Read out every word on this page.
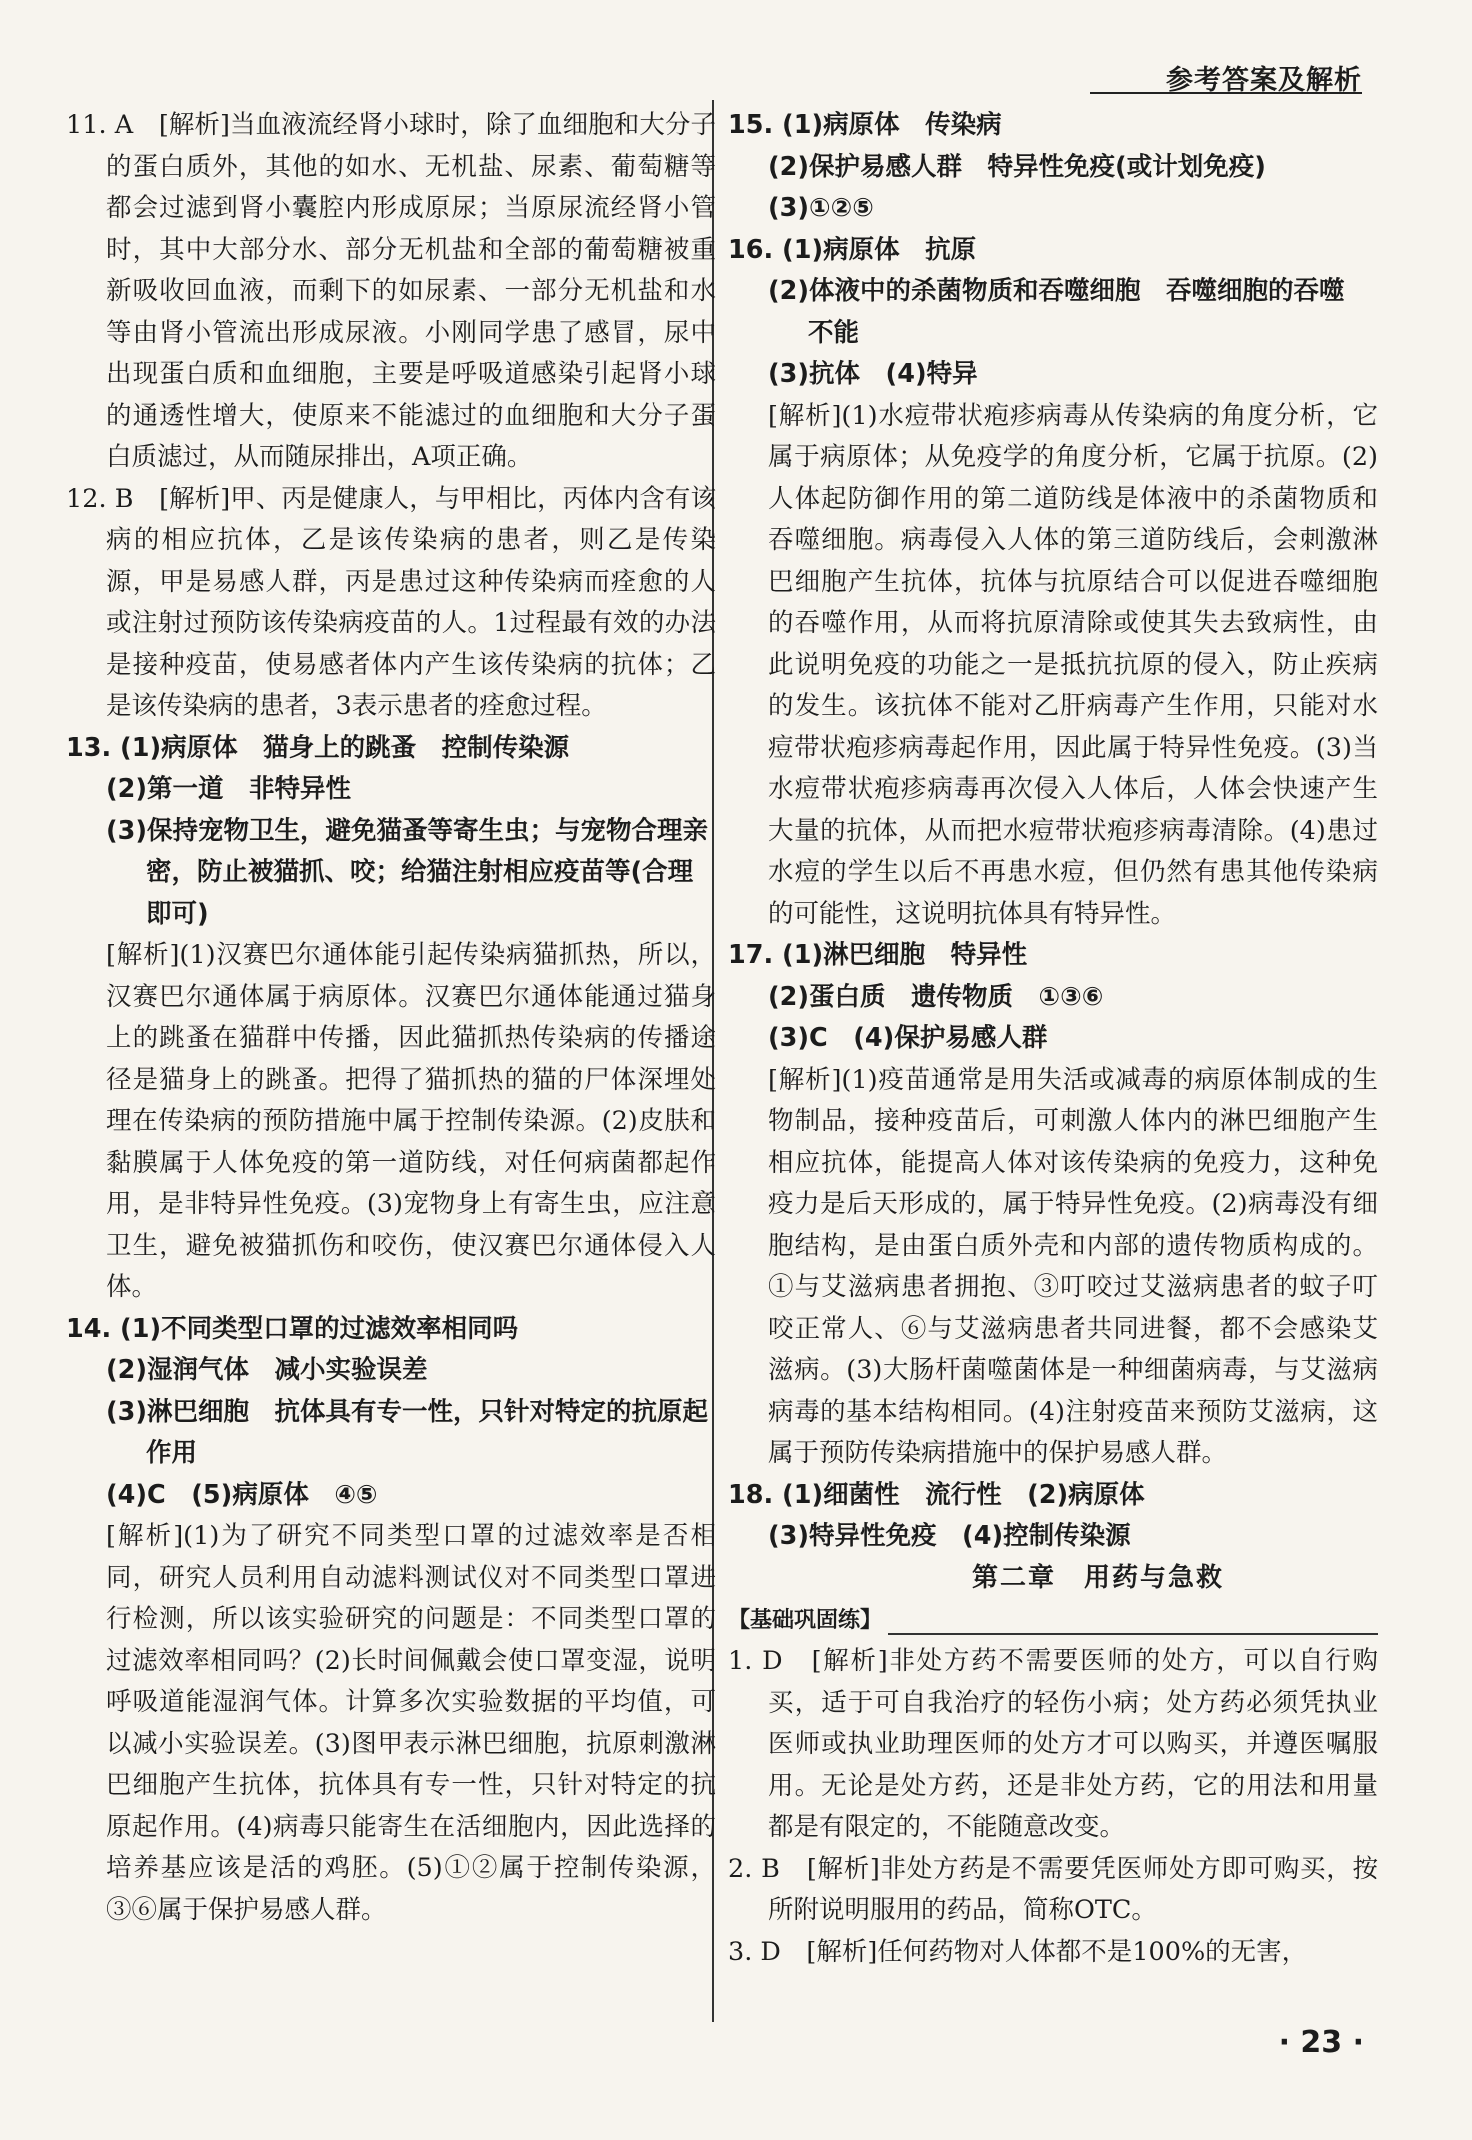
参考答案及解析

11. A　[解析]当血液流经肾小球时，除了血细胞和大分子的蛋白质外，其他的如水、无机盐、尿素、葡萄糖等都会过滤到肾小囊腔内形成原尿；当原尿流经肾小管时，其中大部分水、部分无机盐和全部的葡萄糖被重新吸收回血液，而剩下的如尿素、一部分无机盐和水等由肾小管流出形成尿液。小刚同学患了感冒，尿中出现蛋白质和血细胞，主要是呼吸道感染引起肾小球的通透性增大，使原来不能滤过的血细胞和大分子蛋白质滤过，从而随尿排出，A项正确。

12. B　[解析]甲、丙是健康人，与甲相比，丙体内含有该病的相应抗体，乙是该传染病的患者，则乙是传染源，甲是易感人群，丙是患过这种传染病而痊愈的人或注射过预防该传染病疫苗的人。1过程最有效的办法是接种疫苗，使易感者体内产生该传染病的抗体；乙是该传染病的患者，3表示患者的痊愈过程。

13. (1)病原体　猫身上的跳蚤　控制传染源

(2)第一道　非特异性

(3)保持宠物卫生，避免猫蚤等寄生虫；与宠物合理亲密，防止被猫抓、咬；给猫注射相应疫苗等(合理即可)

[解析](1)汉赛巴尔通体能引起传染病猫抓热，所以，汉赛巴尔通体属于病原体。汉赛巴尔通体能通过猫身上的跳蚤在猫群中传播，因此猫抓热传染病的传播途径是猫身上的跳蚤。把得了猫抓热的猫的尸体深埋处理在传染病的预防措施中属于控制传染源。(2)皮肤和黏膜属于人体免疫的第一道防线，对任何病菌都起作用，是非特异性免疫。(3)宠物身上有寄生虫，应注意卫生，避免被猫抓伤和咬伤，使汉赛巴尔通体侵入人体。

14. (1)不同类型口罩的过滤效率相同吗

(2)湿润气体　减小实验误差

(3)淋巴细胞　抗体具有专一性，只针对特定的抗原起作用

(4)C　(5)病原体　④⑤

[解析](1)为了研究不同类型口罩的过滤效率是否相同，研究人员利用自动滤料测试仪对不同类型口罩进行检测，所以该实验研究的问题是：不同类型口罩的过滤效率相同吗？(2)长时间佩戴会使口罩变湿，说明呼吸道能湿润气体。计算多次实验数据的平均值，可以减小实验误差。(3)图甲表示淋巴细胞，抗原刺激淋巴细胞产生抗体，抗体具有专一性，只针对特定的抗原起作用。(4)病毒只能寄生在活细胞内，因此选择的培养基应该是活的鸡胚。(5)①②属于控制传染源，③⑥属于保护易感人群。

15. (1)病原体　传染病

(2)保护易感人群　特异性免疫(或计划免疫)

(3)①②⑤

16. (1)病原体　抗原

(2)体液中的杀菌物质和吞噬细胞　吞噬细胞的吞噬　不能

(3)抗体　(4)特异

[解析](1)水痘带状疱疹病毒从传染病的角度分析，它属于病原体；从免疫学的角度分析，它属于抗原。(2)人体起防御作用的第二道防线是体液中的杀菌物质和吞噬细胞。病毒侵入人体的第三道防线后，会刺激淋巴细胞产生抗体，抗体与抗原结合可以促进吞噬细胞的吞噬作用，从而将抗原清除或使其失去致病性，由此说明免疫的功能之一是抵抗抗原的侵入，防止疾病的发生。该抗体不能对乙肝病毒产生作用，只能对水痘带状疱疹病毒起作用，因此属于特异性免疫。(3)当水痘带状疱疹病毒再次侵入人体后，人体会快速产生大量的抗体，从而把水痘带状疱疹病毒清除。(4)患过水痘的学生以后不再患水痘，但仍然有患其他传染病的可能性，这说明抗体具有特异性。

17. (1)淋巴细胞　特异性

(2)蛋白质　遗传物质　①③⑥

(3)C　(4)保护易感人群

[解析](1)疫苗通常是用失活或减毒的病原体制成的生物制品，接种疫苗后，可刺激人体内的淋巴细胞产生相应抗体，能提高人体对该传染病的免疫力，这种免疫力是后天形成的，属于特异性免疫。(2)病毒没有细胞结构，是由蛋白质外壳和内部的遗传物质构成的。①与艾滋病患者拥抱、③叮咬过艾滋病患者的蚊子叮咬正常人、⑥与艾滋病患者共同进餐，都不会感染艾滋病。(3)大肠杆菌噬菌体是一种细菌病毒，与艾滋病病毒的基本结构相同。(4)注射疫苗来预防艾滋病，这属于预防传染病措施中的保护易感人群。

18. (1)细菌性　流行性　(2)病原体

(3)特异性免疫　(4)控制传染源

第二章　用药与急救

【基础巩固练】

1. D　[解析]非处方药不需要医师的处方，可以自行购买，适于可自我治疗的轻伤小病；处方药必须凭执业医师或执业助理医师的处方才可以购买，并遵医嘱服用。无论是处方药，还是非处方药，它的用法和用量都是有限定的，不能随意改变。

2. B　[解析]非处方药是不需要凭医师处方即可购买，按所附说明服用的药品，简称OTC。

3. D　[解析]任何药物对人体都不是100%的无害，

· 23 ·
